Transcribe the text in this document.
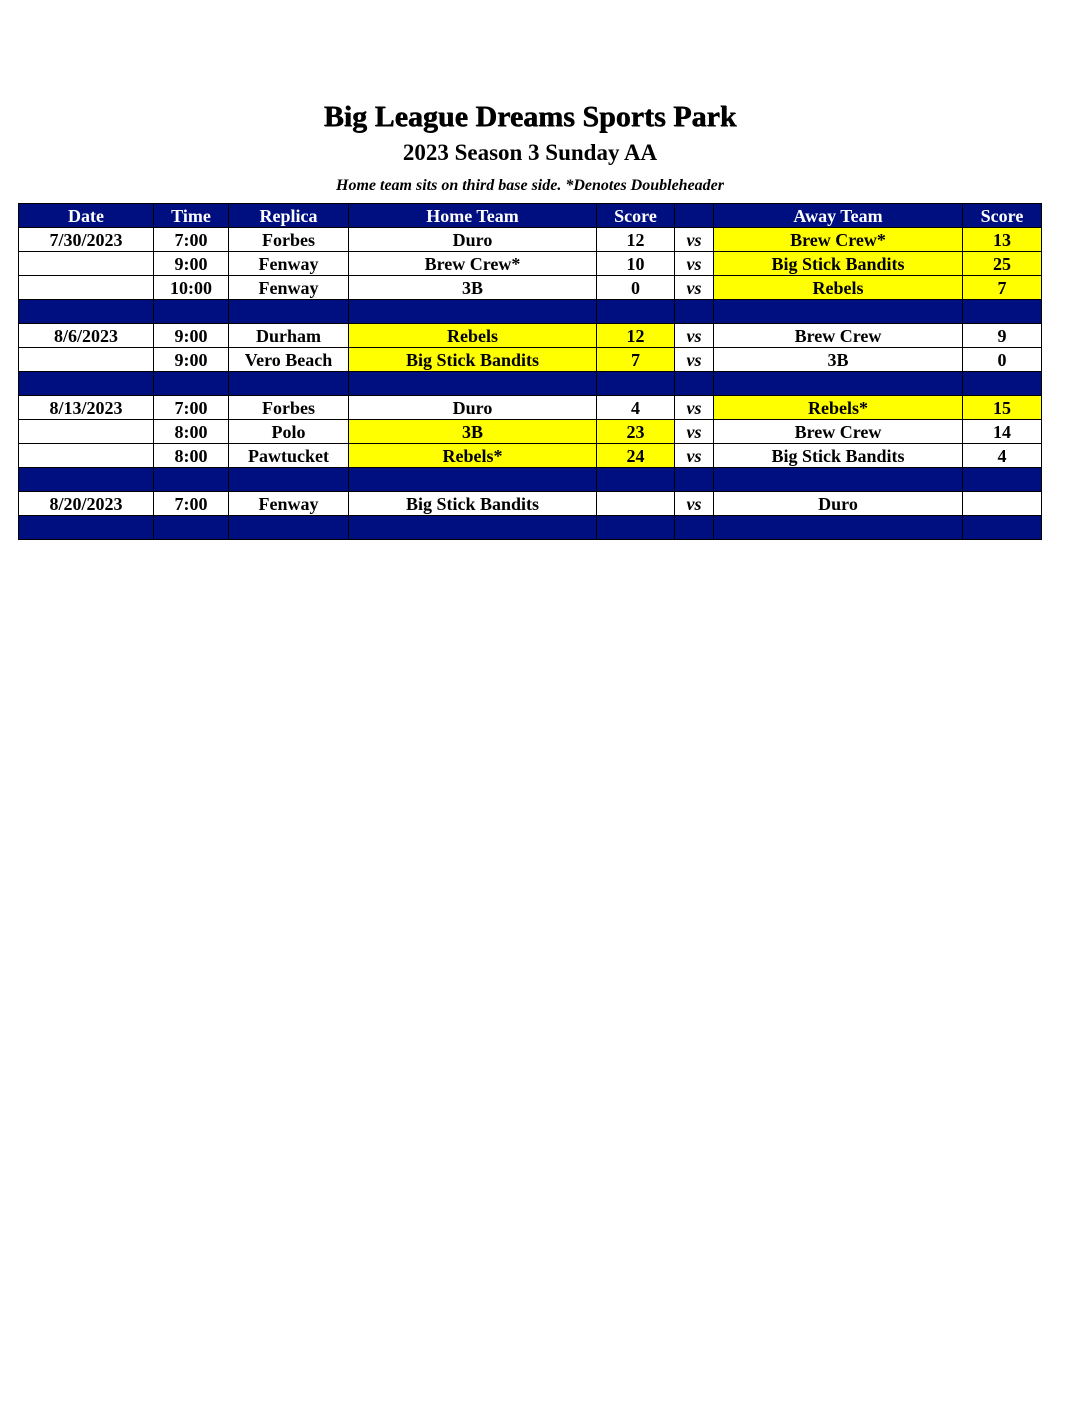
Big League Dreams Sports Park
2023 Season 3 Sunday AA
Home team sits on third base side. *Denotes Doubleheader
Date	Time	Replica	Home Team	Score		Away Team	Score
7/30/2023	7:00	Forbes	Duro	12	vs	Brew Crew*	13
	9:00	Fenway	Brew Crew*	10	vs	Big Stick Bandits	25
	10:00	Fenway	3B	0	vs	Rebels	7

8/6/2023	9:00	Durham	Rebels	12	vs	Brew Crew	9
	9:00	Vero Beach	Big Stick Bandits	7	vs	3B	0

8/13/2023	7:00	Forbes	Duro	4	vs	Rebels*	15
	8:00	Polo	3B	23	vs	Brew Crew	14
	8:00	Pawtucket	Rebels*	24	vs	Big Stick Bandits	4

8/20/2023	7:00	Fenway	Big Stick Bandits		vs	Duro	
